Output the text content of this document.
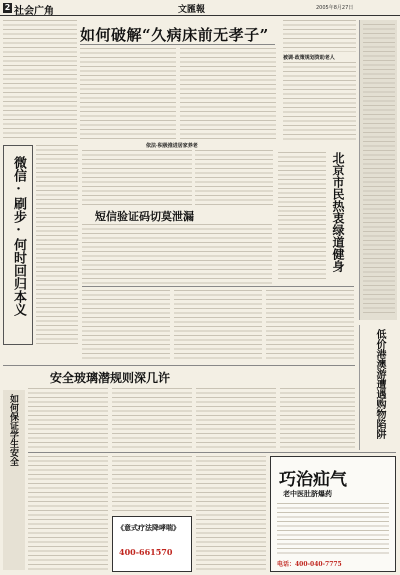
2 社会广角	文匯報	2005年8月27日
如何破解“久病床前无孝子”
被调·政策规划资助老人
依法·积极推进居家养老
微信·刷步·何时回归本义	短信验证码切莫泄漏	北京市民热衷绿道健身
低价港澳游遭遇购物陷阱
安全玻璃潜规则深几许
如何保证学生安全
《意式疗法降哮喘》
400-661570
巧治疝气
老中医肚脐爆药
电话：400-040-7775
